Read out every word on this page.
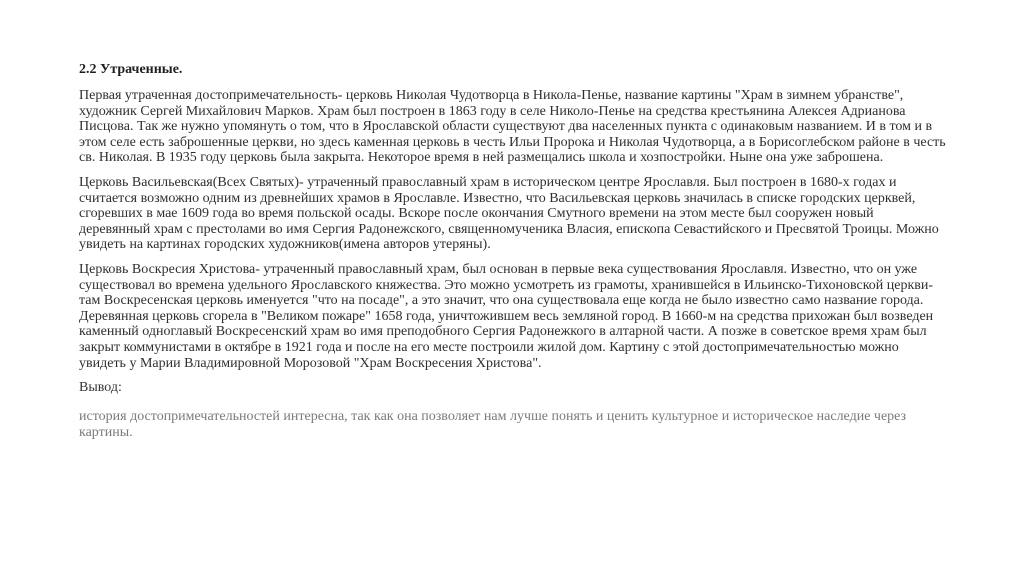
2.2 Утраченные.

Первая утраченная достопримечательность- церковь Николая Чудотворца в Никола-Пенье, название картины "Храм в зимнем убранстве", художник Сергей Михайлович Марков. Храм был построен в 1863 году в селе Николо-Пенье на средства крестьянина Алексея Адрианова Писцова. Так же нужно упомянуть о том, что в Ярославской области существуют два населенных пункта с одинаковым названием. И в том и в этом селе есть заброшенные церкви, но здесь каменная церковь в честь Ильи Пророка и Николая Чудотворца, а в Борисоглебском районе в честь св. Николая. В 1935 году церковь была закрыта. Некоторое время в ней размещались школа и хозпостройки. Ныне она уже заброшена.

Церковь Васильевская(Всех Святых)- утраченный православный храм в историческом центре Ярославля. Был построен в 1680-х годах и считается возможно одним из древнейших храмов в Ярославле. Известно, что Васильевская церковь значилась в списке городских церквей, сгоревших в мае 1609 года во время польской осады. Вскоре после окончания Смутного времени на этом месте был сооружен новый деревянный храм с престолами во имя Сергия Радонежского, священномученика Власия, епископа Севастийского и Пресвятой Троицы. Можно увидеть на картинах городских художников(имена авторов утеряны).

Церковь Воскресия Христова- утраченный православный храм, был основан в первые века существования Ярославля. Известно, что он уже существовал во времена удельного Ярославского княжества. Это можно усмотреть из грамоты, хранившейся в Ильинско-Тихоновской церкви- там Воскресенская церковь именуется "что на посаде", а это значит, что она существовала еще когда не было известно само название города. Деревянная церковь сгорела в "Великом пожаре" 1658 года, уничтожившем весь земляной город. В 1660-м на средства прихожан был возведен каменный одноглавый Воскресенский храм во имя преподобного Сергия Радонежкого в алтарной части. А позже в советское время храм был закрыт коммунистами в октябре в 1921 года и после на его месте построили жилой дом. Картину с этой достопримечательностью можно увидеть у Марии Владимировной Морозовой "Храм Воскресения Христова".

Вывод:

история достопримечательностей интересна, так как она позволяет нам лучше понять и ценить культурное и историческое наследие через картины.
